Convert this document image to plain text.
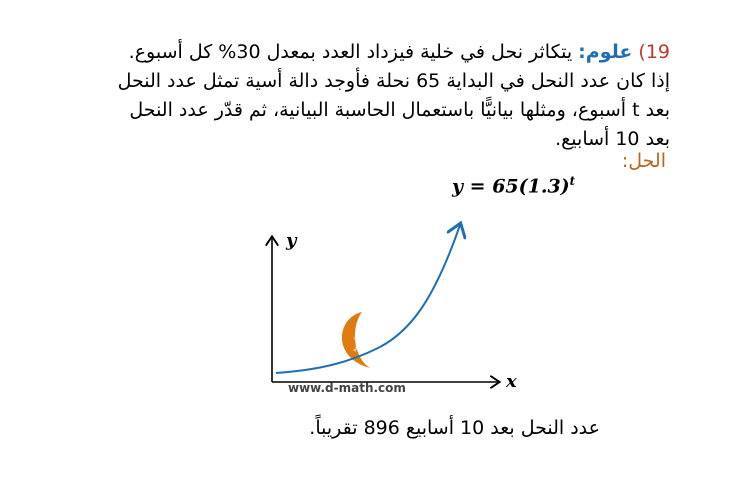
19) علوم: يتكاثر نحل في خلية فيزداد العدد بمعدل 30% كل أسبوع. إذا كان عدد النحل في البداية 65 نحلة فأوجد دالة أسية تمثل عدد النحل بعد t أسبوع، ومثلها بيانيًّا باستعمال الحاسبة البيانية، ثم قدّر عدد النحل بعد 10 أسابيع.
الحل:
$y = 65(1.3)^t$
y
x
الدبيبة
www.d-math.com
عدد النحل بعد 10 أسابيع 896 تقريباً.
